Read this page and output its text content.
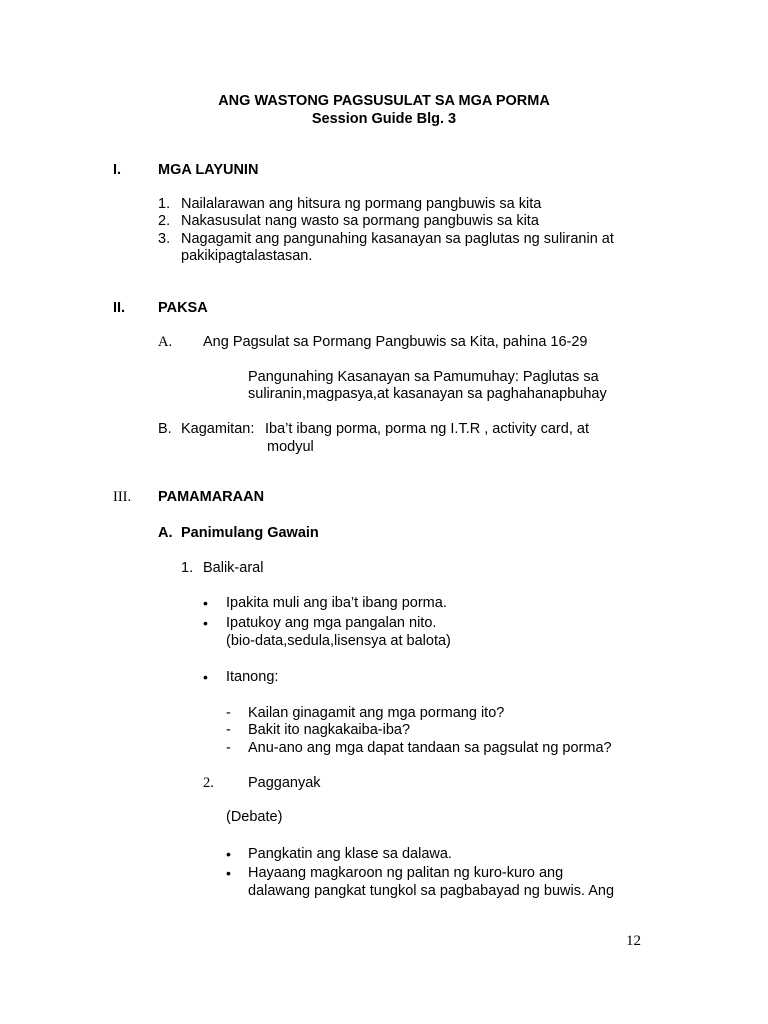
ANG WASTONG PAGSUSULAT SA MGA PORMA
Session Guide Blg. 3
I.	MGA LAYUNIN
1. Nailalarawan ang hitsura ng pormang pangbuwis sa kita
2. Nakasusulat nang wasto sa pormang pangbuwis sa kita
3. Nagagamit ang pangunahing kasanayan sa paglutas ng suliranin at
pakikipagtalastasan.
II. PAKSA
A. Ang Pagsulat sa Pormang Pangbuwis sa Kita, pahina 16-29
Pangunahing Kasanayan sa Pamumuhay: Paglutas sa
suliranin,magpasya,at kasanayan sa paghahanapbuhay
B. Kagamitan: Iba’t ibang porma, porma ng I.T.R , activity card, at
modyul
III. PAMAMARAAN
A. Panimulang Gawain
1. Balik-aral
• Ipakita muli ang iba’t ibang porma.
• Ipatukoy ang mga pangalan nito.
(bio-data,sedula,lisensya at balota)
• Itanong:
- Kailan ginagamit ang mga pormang ito?
- Bakit ito nagkakaiba-iba?
- Anu-ano ang mga dapat tandaan sa pagsulat ng porma?
2. Pagganyak
(Debate)
• Pangkatin ang klase sa dalawa.
• Hayaang magkaroon ng palitan ng kuro-kuro ang
dalawang pangkat tungkol sa pagbabayad ng buwis. Ang
12
